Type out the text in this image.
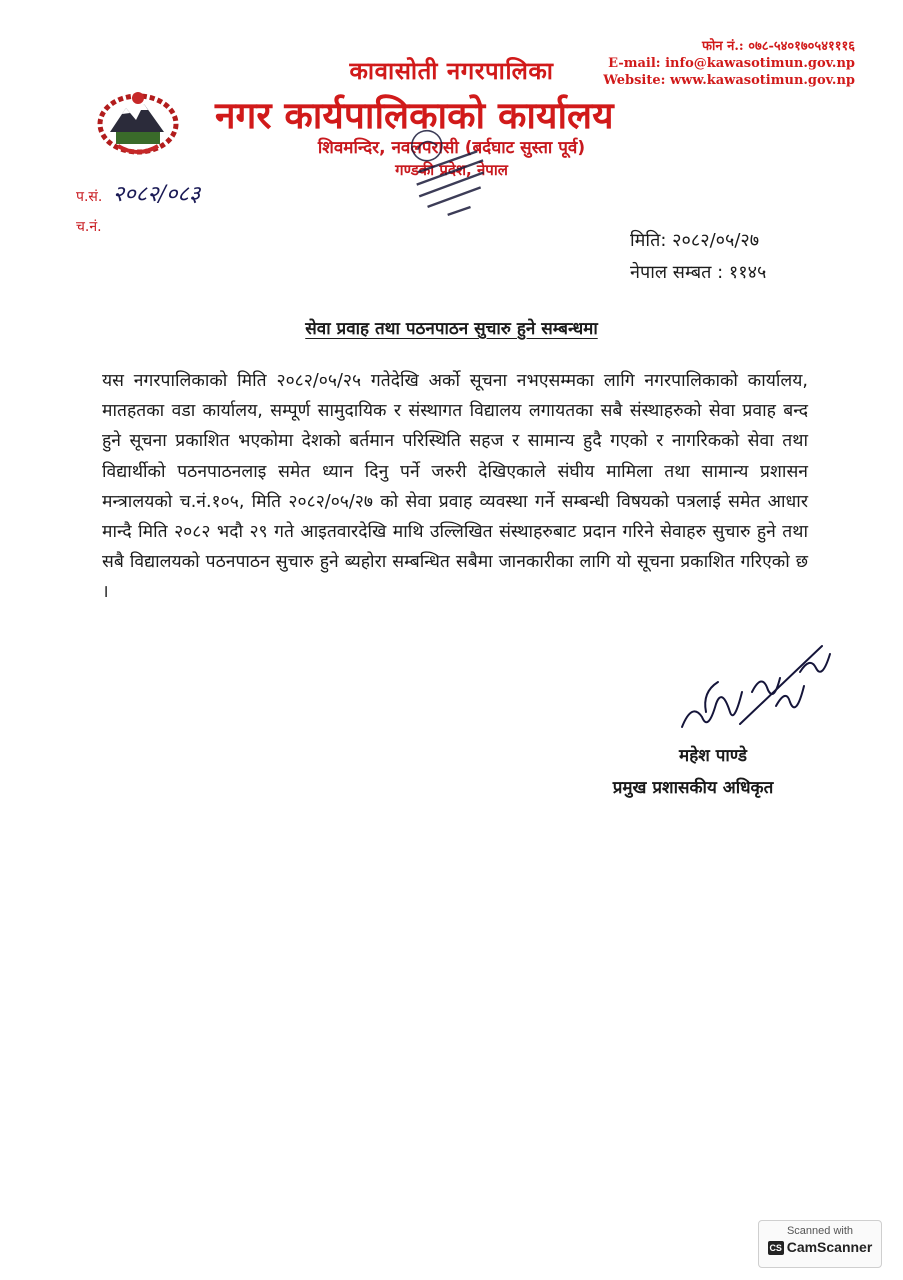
कावासोती नगरपालिका
नगर कार्यपालिकाको कार्यालय
शिवमन्दिर, नवलपरासी (बर्दघाट सुस्ता पूर्व)
गण्डकी प्रदेश, नेपाल
फोन नं.: ०७८-५४०१७०५४१११६
E-mail: info@kawasotimun.gov.np
Website: www.kawasotimun.gov.np
प.सं. २०८२/०८३
च.नं.
मिति: २०८२/०५/२७
नेपाल सम्बत : ११४५
सेवा प्रवाह तथा पठनपाठन सुचारु हुने सम्बन्धमा
यस नगरपालिकाको मिति २०८२/०५/२५ गतेदेखि अर्को सूचना नभएसम्मका लागि नगरपालिकाको कार्यालय, मातहतका वडा कार्यालय, सम्पूर्ण सामुदायिक र संस्थागत विद्यालय लगायतका सबै संस्थाहरुको सेवा प्रवाह बन्द हुने सूचना प्रकाशित भएकोमा देशको बर्तमान परिस्थिति सहज र सामान्य हुदै गएको र नागरिकको सेवा तथा विद्यार्थीको पठनपाठनलाइ समेत ध्यान दिनु पर्ने जरुरी देखिएकाले संघीय मामिला तथा सामान्य प्रशासन मन्त्रालयको च.नं.१०५, मिति २०८२/०५/२७ को सेवा प्रवाह व्यवस्था गर्ने सम्बन्धी विषयको पत्रलाई समेत आधार मान्दै मिति २०८२ भदौ २९ गते आइतवारदेखि माथि उल्लिखित संस्थाहरुबाट प्रदान गरिने सेवाहरु सुचारु हुने तथा सबै विद्यालयको पठनपाठन सुचारु हुने ब्यहोरा सम्बन्धित सबैमा जानकारीका लागि यो सूचना प्रकाशित गरिएको छ ।
महेश पाण्डे
प्रमुख प्रशासकीय अधिकृत
Scanned with
CS CamScanner
